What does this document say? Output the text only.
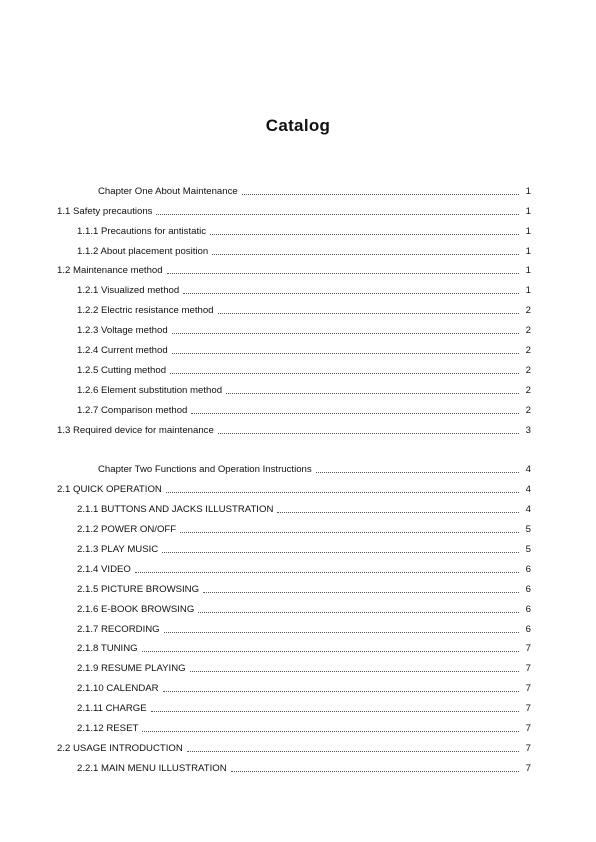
Catalog
Chapter One About Maintenance	1
1.1 Safety precautions	1
1.1.1 Precautions for antistatic	1
1.1.2 About placement position	1
1.2 Maintenance method	1
1.2.1 Visualized method	1
1.2.2 Electric resistance method	2
1.2.3 Voltage method	2
1.2.4 Current method	2
1.2.5 Cutting method	2
1.2.6 Element substitution method	2
1.2.7 Comparison method	2
1.3 Required device for maintenance	3
Chapter Two Functions and Operation Instructions	4
2.1 QUICK OPERATION	4
2.1.1 BUTTONS AND JACKS ILLUSTRATION	4
2.1.2 POWER ON/OFF	5
2.1.3 PLAY MUSIC	5
2.1.4 VIDEO	6
2.1.5 PICTURE BROWSING	6
2.1.6 E-BOOK BROWSING	6
2.1.7 RECORDING	6
2.1.8 TUNING	7
2.1.9 RESUME PLAYING	7
2.1.10 CALENDAR	7
2.1.11 CHARGE	7
2.1.12 RESET	7
2.2 USAGE INTRODUCTION	7
2.2.1 MAIN MENU ILLUSTRATION	7
